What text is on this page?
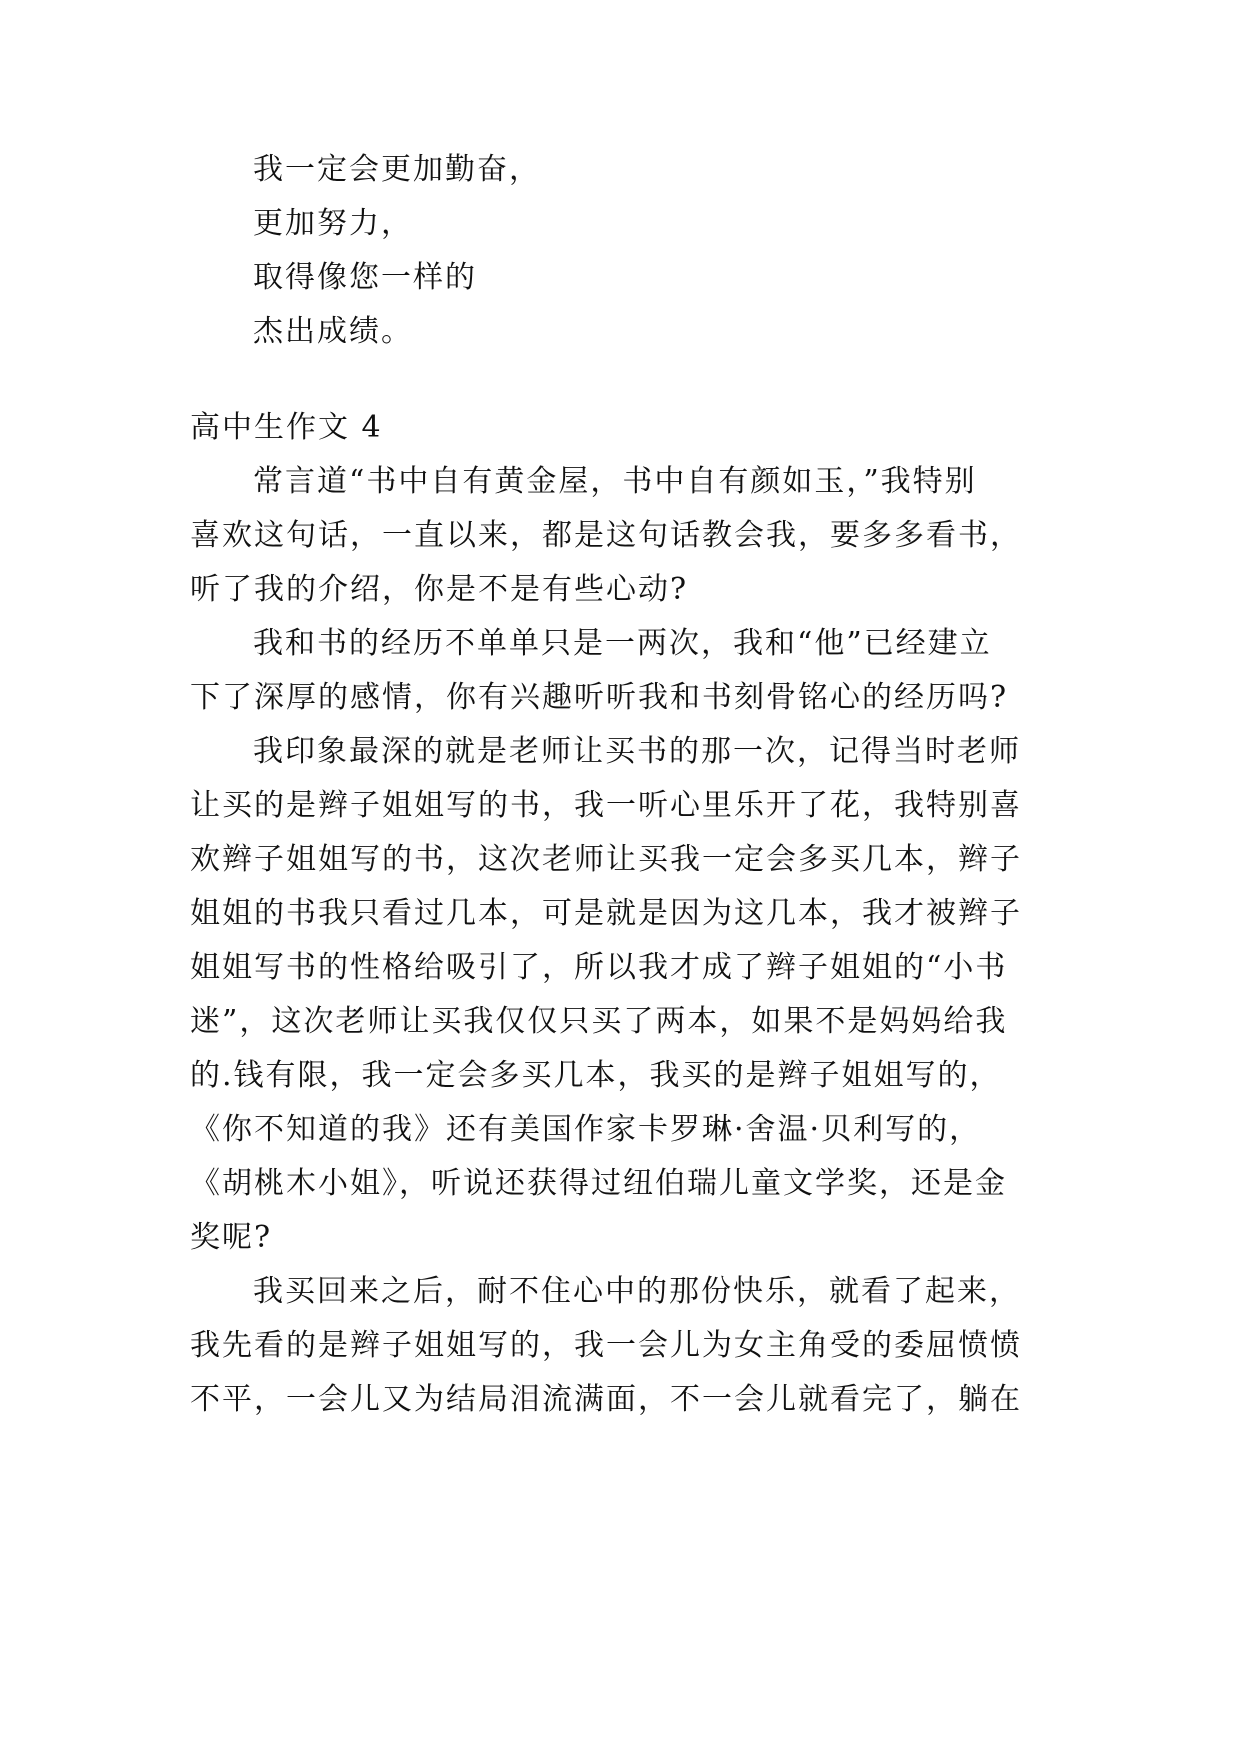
我一定会更加勤奋，
更加努力，
取得像您一样的
杰出成绩。
高中生作文 4
常言道“书中自有黄金屋，书中自有颜如玉，”我特别
喜欢这句话，一直以来，都是这句话教会我，要多多看书，
听了我的介绍，你是不是有些心动?
我和书的经历不单单只是一两次，我和“他”已经建立
下了深厚的感情，你有兴趣听听我和书刻骨铭心的经历吗?
我印象最深的就是老师让买书的那一次，记得当时老师
让买的是辫子姐姐写的书，我一听心里乐开了花，我特别喜
欢辫子姐姐写的书，这次老师让买我一定会多买几本，辫子
姐姐的书我只看过几本，可是就是因为这几本，我才被辫子
姐姐写书的性格给吸引了，所以我才成了辫子姐姐的“小书
迷”，这次老师让买我仅仅只买了两本，如果不是妈妈给我
的.钱有限，我一定会多买几本，我买的是辫子姐姐写的，
《你不知道的我》还有美国作家卡罗琳·舍温·贝利写的，
《胡桃木小姐》，听说还获得过纽伯瑞儿童文学奖，还是金
奖呢?
我买回来之后，耐不住心中的那份快乐，就看了起来，
我先看的是辫子姐姐写的，我一会儿为女主角受的委屈愤愤
不平，一会儿又为结局泪流满面，不一会儿就看完了，躺在
